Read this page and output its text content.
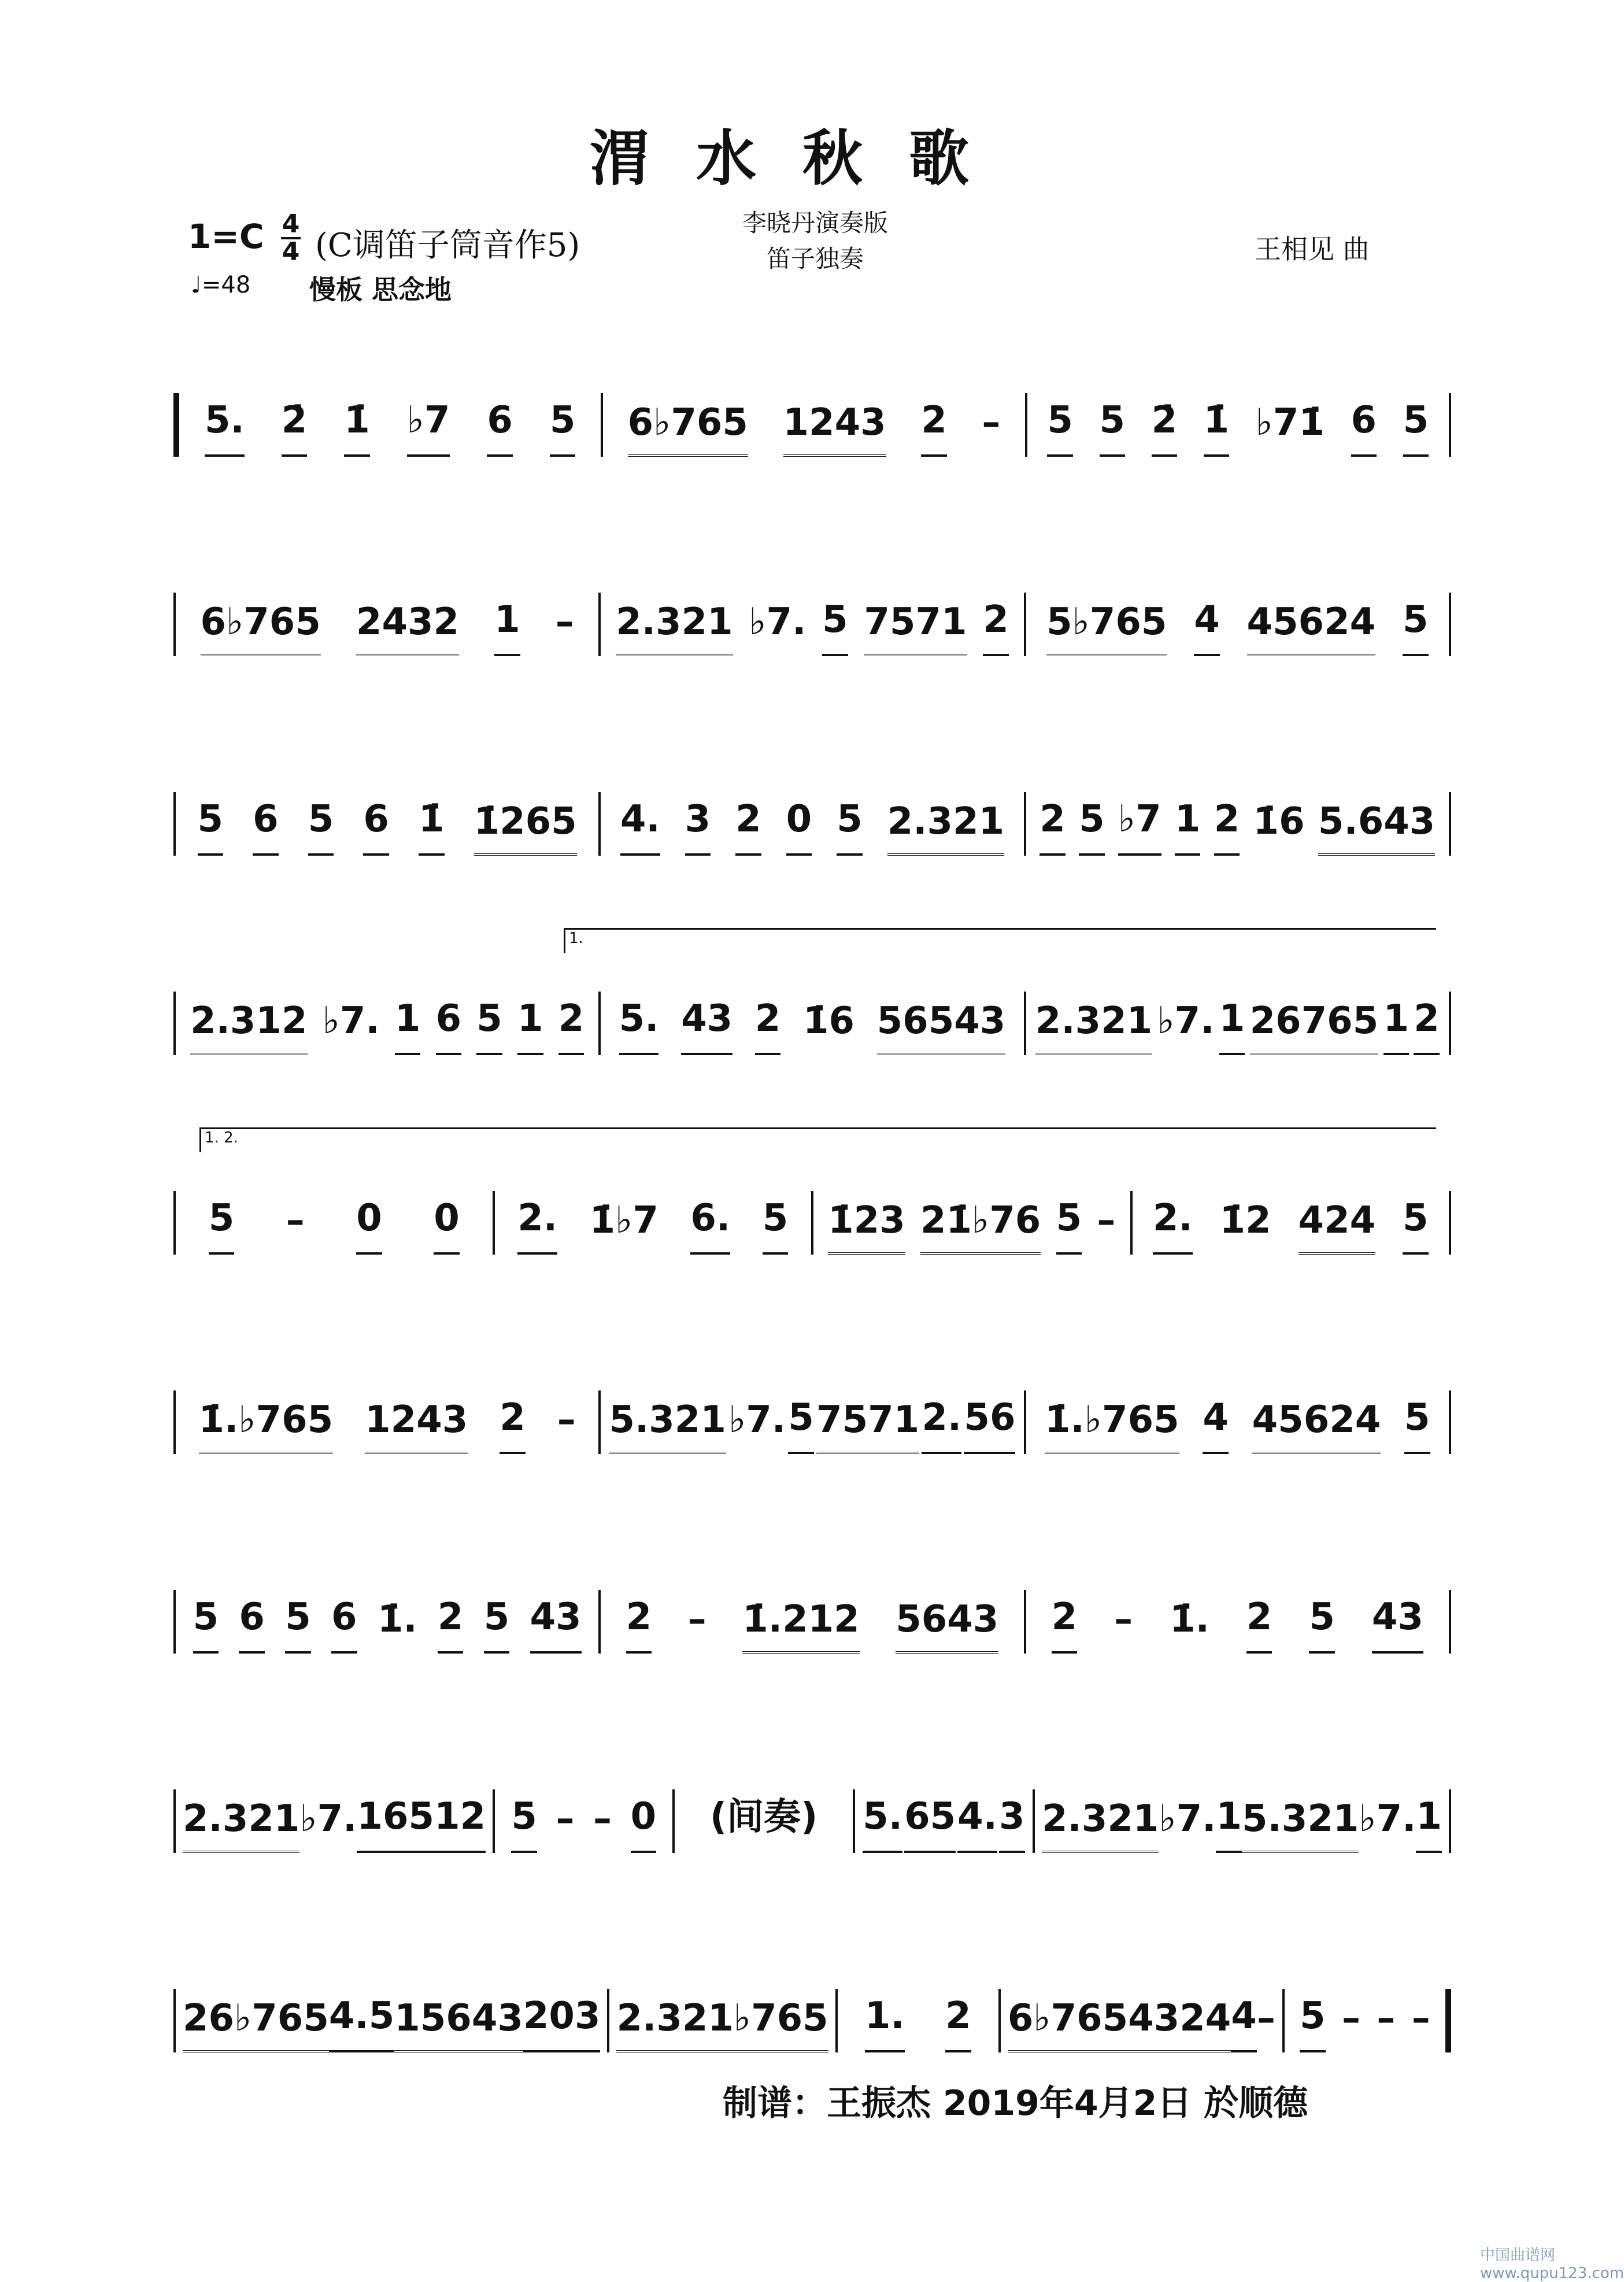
渭水秋歌
1=C 4
4 (C调笛子筒音作5)
♩=48 慢板 思念地
李晓丹演奏版
笛子独奏	王相见 曲
5. 2̇ 1̇ ♭7 6 5 6♭765 1243 2 – 5 5 2̇ 1̇ ♭71̇ 6 5
6♭765 2432 1 – 2.321 ♭7. 5 7571 2 5♭765 4 45624 5
5 6 5 6 1̇ 1̇265 4. 3 2 0 5 2.321 2 5 ♭7 1 2 1̇6 5.643
1.
2.312 ♭7. 1 6 5 1 2 5. 43 2 1̇6 56543 2.321 ♭7. 1 26765 1 2
1. 2.
5 – 0 0 2. 1̇♭7 6. 5 1̇23 21̇♭76 5 – 2. 1̇2 424 5
1̇.♭765 1243 2 – 5.321 ♭7. 5 7571 2. 56 1̇.♭765 4 45624 5
5 6 5 6 1̇. 2 5 43 2 – 1̇.212 5643 2 – 1̇. 2 5 43
2.321 ♭7. 1 65 12 5 – – 0 (间奏) 5. 65 4. 3 2.321 ♭7. 1 5.321 ♭7. 1
26♭765 4. 5 15643 2 0 3 2.321 ♭765 1. 2 6♭765 4324 4 – 5 – – –
制谱：王振杰 2019年4月2日 於顺德
中国曲谱网 www.qupu123.com
